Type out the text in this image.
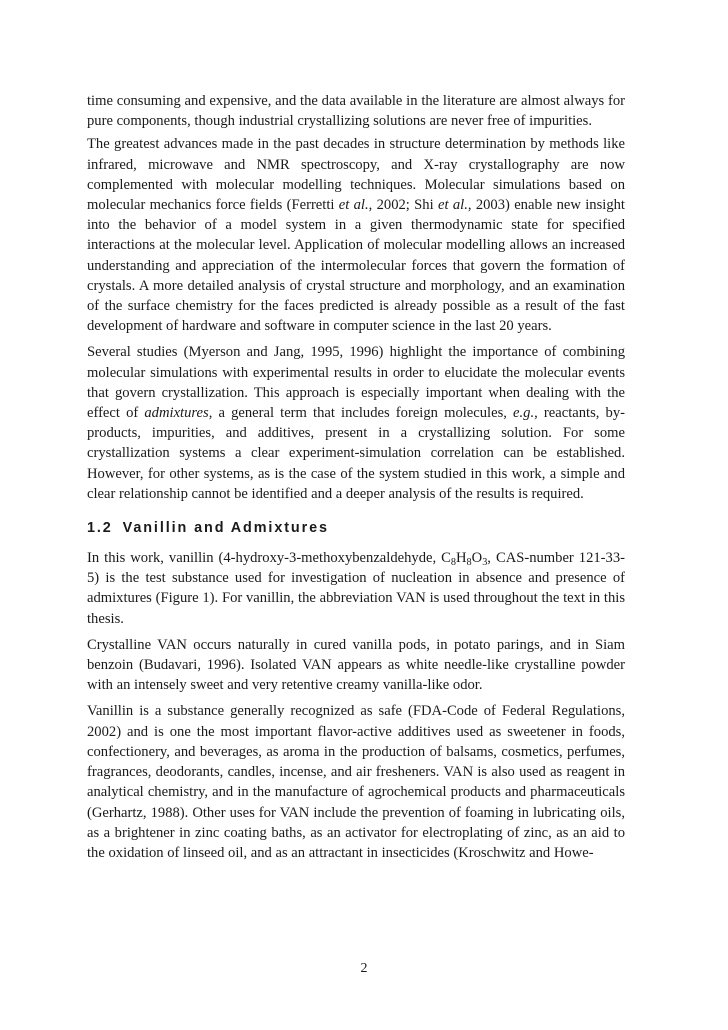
time consuming and expensive, and the data available in the literature are almost always for pure components, though industrial crystallizing solutions are never free of impurities.

The greatest advances made in the past decades in structure determination by methods like infrared, microwave and NMR spectroscopy, and X-ray crystallography are now complemented with molecular modelling techniques. Molecular simulations based on molecular mechanics force fields (Ferretti et al., 2002; Shi et al., 2003) enable new insight into the behavior of a model system in a given thermodynamic state for specified interactions at the molecular level. Application of molecular modelling allows an increased understanding and appreciation of the intermolecular forces that govern the formation of crystals. A more detailed analysis of crystal structure and morphology, and an examination of the surface chemistry for the faces predicted is already possible as a result of the fast development of hardware and software in computer science in the last 20 years.

Several studies (Myerson and Jang, 1995, 1996) highlight the importance of combining molecular simulations with experimental results in order to elucidate the molecular events that govern crystallization. This approach is especially important when dealing with the effect of admixtures, a general term that includes foreign molecules, e.g., reactants, by-products, impurities, and additives, present in a crystallizing solution. For some crystallization systems a clear experiment-simulation correlation can be established. However, for other systems, as is the case of the system studied in this work, a simple and clear relationship cannot be identified and a deeper analysis of the results is required.

1.2 Vanillin and Admixtures

In this work, vanillin (4-hydroxy-3-methoxybenzaldehyde, $C_8H_8O_3$, CAS-number 121-33-5) is the test substance used for investigation of nucleation in absence and presence of admixtures (Figure 1). For vanillin, the abbreviation VAN is used throughout the text in this thesis.

Crystalline VAN occurs naturally in cured vanilla pods, in potato parings, and in Siam benzoin (Budavari, 1996). Isolated VAN appears as white needle-like crystalline powder with an intensely sweet and very retentive creamy vanilla-like odor.

Vanillin is a substance generally recognized as safe (FDA-Code of Federal Regulations, 2002) and is one the most important flavor-active additives used as sweetener in foods, confectionery, and beverages, as aroma in the production of balsams, cosmetics, perfumes, fragrances, deodorants, candles, incense, and air fresheners. VAN is also used as reagent in analytical chemistry, and in the manufacture of agrochemical products and pharmaceuticals (Gerhartz, 1988). Other uses for VAN include the prevention of foaming in lubricating oils, as a brightener in zinc coating baths, as an activator for electroplating of zinc, as an aid to the oxidation of linseed oil, and as an attractant in insecticides (Kroschwitz and Howe-

2
